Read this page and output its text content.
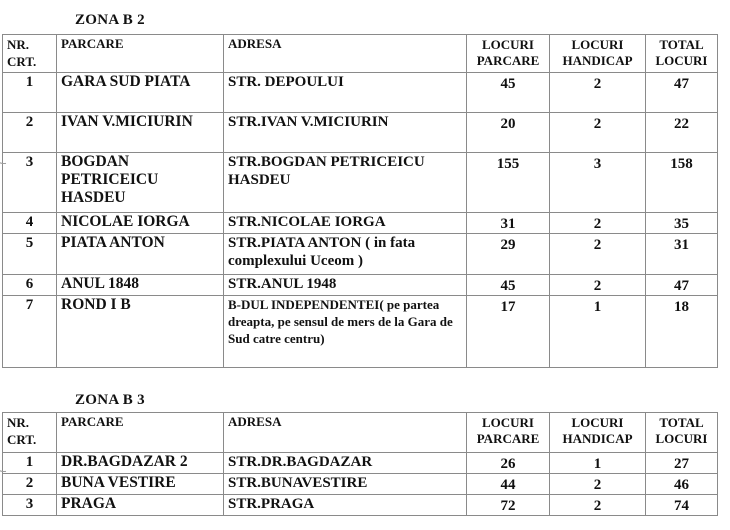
ZONA B 2
NR. CRT.	PARCARE	ADRESA	LOCURI PARCARE	LOCURI HANDICAP	TOTAL LOCURI
1	GARA SUD PIATA	STR. DEPOULUI	45	2	47
2	IVAN V.MICIURIN	STR.IVAN V.MICIURIN	20	2	22
3	BOGDAN PETRICEICU HASDEU	STR.BOGDAN PETRICEICU HASDEU	155	3	158
4	NICOLAE IORGA	STR.NICOLAE IORGA	31	2	35
5	PIATA ANTON	STR.PIATA ANTON ( in fata complexului Uceom )	29	2	31
6	ANUL 1848	STR.ANUL 1948	45	2	47
7	ROND I B	B-DUL INDEPENDENTEI( pe partea dreapta, pe sensul de mers de la Gara de Sud catre centru)	17	1	18
ZONA B 3
NR. CRT.	PARCARE	ADRESA	LOCURI PARCARE	LOCURI HANDICAP	TOTAL LOCURI
1	DR.BAGDAZAR 2	STR.DR.BAGDAZAR	26	1	27
2	BUNA VESTIRE	STR.BUNAVESTIRE	44	2	46
3	PRAGA	STR.PRAGA	72	2	74
